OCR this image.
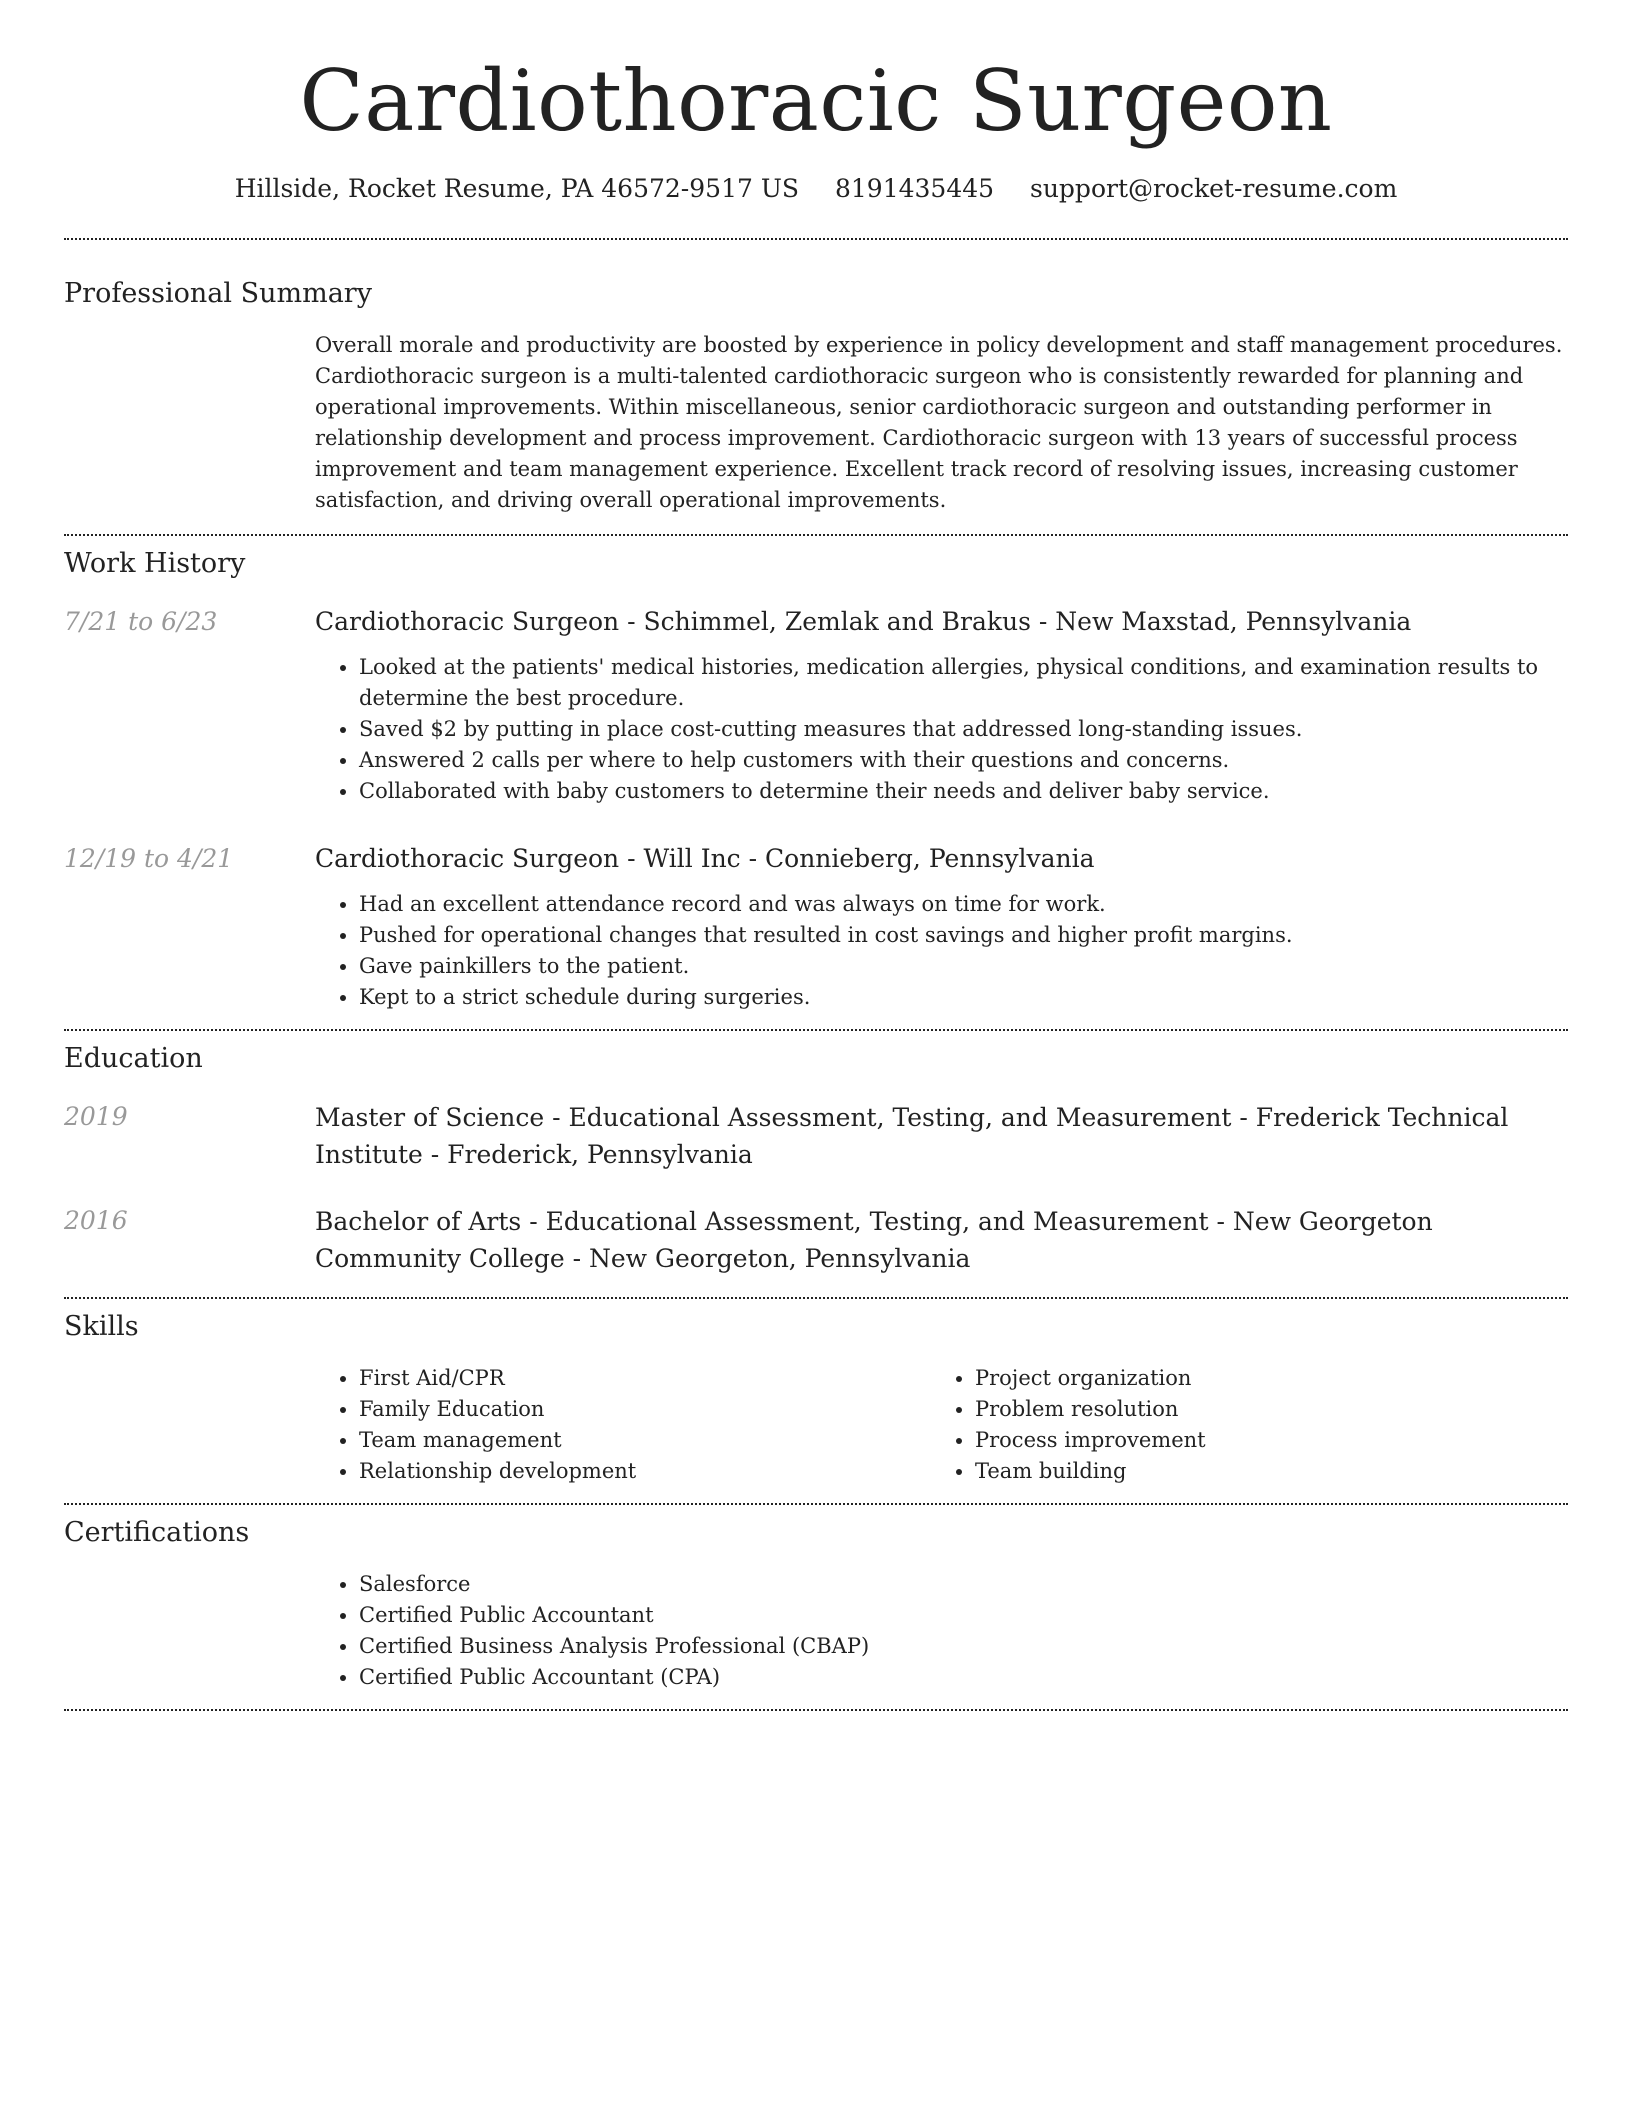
Cardiothoracic Surgeon
Hillside, Rocket Resume, PA 46572-9517 US 8191435445 support@rocket-resume.com
Professional Summary
Overall morale and productivity are boosted by experience in policy development and staff management procedures. Cardiothoracic surgeon is a multi-talented cardiothoracic surgeon who is consistently rewarded for planning and operational improvements. Within miscellaneous, senior cardiothoracic surgeon and outstanding performer in relationship development and process improvement. Cardiothoracic surgeon with 13 years of successful process improvement and team management experience. Excellent track record of resolving issues, increasing customer satisfaction, and driving overall operational improvements.
Work History
7/21 to 6/23	Cardiothoracic Surgeon - Schimmel, Zemlak and Brakus - New Maxstad, Pennsylvania
• Looked at the patients' medical histories, medication allergies, physical conditions, and examination results to determine the best procedure.
• Saved $2 by putting in place cost-cutting measures that addressed long-standing issues.
• Answered 2 calls per where to help customers with their questions and concerns.
• Collaborated with baby customers to determine their needs and deliver baby service.
12/19 to 4/21	Cardiothoracic Surgeon - Will Inc - Connieberg, Pennsylvania
• Had an excellent attendance record and was always on time for work.
• Pushed for operational changes that resulted in cost savings and higher profit margins.
• Gave painkillers to the patient.
• Kept to a strict schedule during surgeries.
Education
2019	Master of Science - Educational Assessment, Testing, and Measurement - Frederick Technical Institute - Frederick, Pennsylvania
2016	Bachelor of Arts - Educational Assessment, Testing, and Measurement - New Georgeton Community College - New Georgeton, Pennsylvania
Skills
• First Aid/CPR
• Family Education
• Team management
• Relationship development
• Project organization
• Problem resolution
• Process improvement
• Team building
Certifications
• Salesforce
• Certified Public Accountant
• Certified Business Analysis Professional (CBAP)
• Certified Public Accountant (CPA)
